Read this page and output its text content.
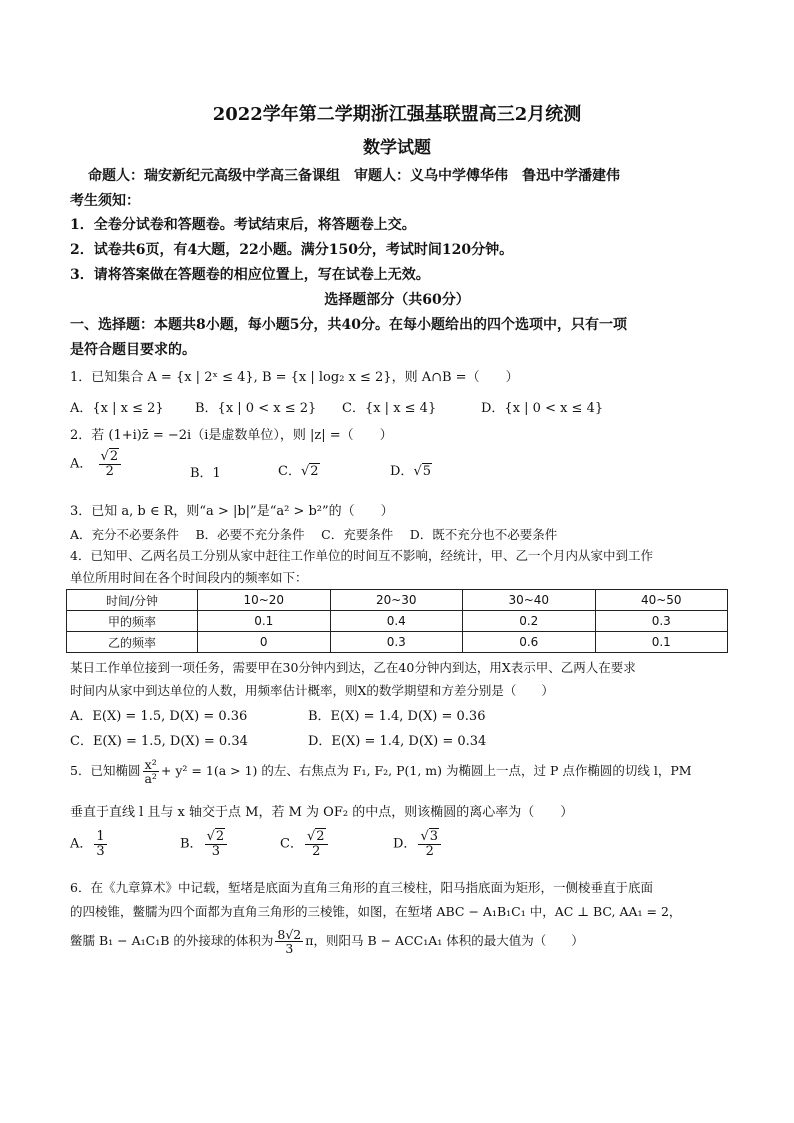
2022学年第二学期浙江强基联盟高三2月统测
数学试题
命题人：瑞安新纪元高级中学高三备课组　审题人：义乌中学傅华伟　鲁迅中学潘建伟
考生须知：
1．全卷分试卷和答题卷。考试结束后，将答题卷上交。
2．试卷共6页，有4大题，22小题。满分150分，考试时间120分钟。
3．请将答案做在答题卷的相应位置上，写在试卷上无效。
选择题部分（共60分）
一、选择题：本题共8小题，每小题5分，共40分。在每小题给出的四个选项中，只有一项
是符合题目要求的。
1．已知集合 A = {x | 2ˣ ≤ 4}, B = {x | log₂ x ≤ 2}，则 A∩B =（　　）
A．{x | x ≤ 2} B．{x | 0 < x ≤ 2} C．{x | x ≤ 4}	D．{x | 0 < x ≤ 4}
2．若 (1+i)z̄ = −2i（i是虚数单位），则 |z| =（　　）
A． $\frac{√2}{2}$	B．1	C．√2	D．√5
3．已知 a, b ∈ R，则“a > |b|”是“a² > b²”的（　　）
A．充分不必要条件　 B．必要不充分条件　 C．充要条件　 D．既不充分也不必要条件
4．已知甲、乙两名员工分别从家中赶往工作单位的时间互不影响，经统计，甲、乙一个月内从家中到工作
单位所用时间在各个时间段内的频率如下：
时间/分钟	10~20	20~30	30~40	40~50
甲的频率	0.1	0.4	0.2	0.3
乙的频率	0	0.3	0.6	0.1
某日工作单位接到一项任务，需要甲在30分钟内到达，乙在40分钟内到达，用X表示甲、乙两人在要求
时间内从家中到达单位的人数，用频率估计概率，则X的数学期望和方差分别是（　　）
A．E(X) = 1.5, D(X) = 0.36	B．E(X) = 1.4, D(X) = 0.36
C．E(X) = 1.5, D(X) = 0.34	D．E(X) = 1.4, D(X) = 0.34
5．已知椭圆 $\frac{\text{x²}}{\text{a²}} + y^2 = 1(a > 1)$ 的左、右焦点为 F₁, F₂, P(1, m) 为椭圆上一点，过 P 点作椭圆的切线 l，PM
垂直于直线 l 且与 x 轴交于点 M，若 M 为 OF₂ 的中点，则该椭圆的离心率为（　　）
A． $\frac{1}{3}$	B． $\frac{√2}{3}$	C． $\frac{√2}{2}$	D． $\frac{√3}{2}$
6．在《九章算术》中记载，堑堵是底面为直角三角形的直三棱柱，阳马指底面为矩形，一侧棱垂直于底面
的四棱锥，鳖臑为四个面都为直角三角形的三棱锥，如图，在堑堵 ABC − A₁B₁C₁ 中，AC ⊥ BC, AA₁ = 2，
鳖臑 B₁ − A₁C₁B 的外接球的体积为 $\frac{8√2}{3}$ π，则阳马 B − ACC₁A₁ 体积的最大值为（　　）
